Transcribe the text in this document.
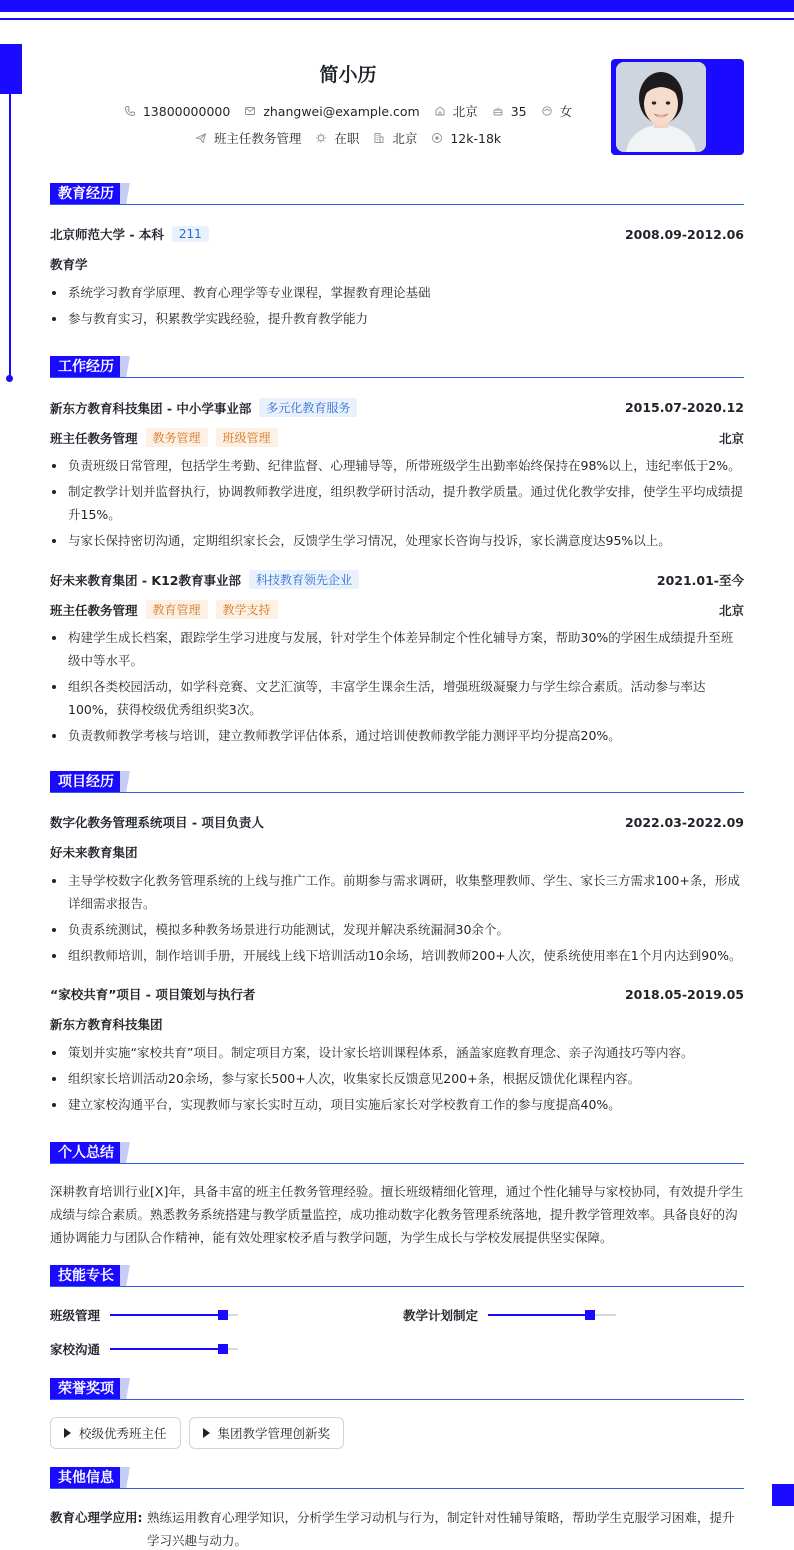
简小历
13800000000	zhangwei@example.com	北京	35	女
班主任教务管理	在职	北京	12k-18k
教育经历
北京师范大学 - 本科	211	2008.09-2012.06
教育学
系统学习教育学原理、教育心理学等专业课程，掌握教育理论基础
参与教育实习，积累教学实践经验，提升教育教学能力
工作经历
新东方教育科技集团 - 中小学事业部	多元化教育服务	2015.07-2020.12
班主任教务管理	教务管理	班级管理	北京
负责班级日常管理，包括学生考勤、纪律监督、心理辅导等，所带班级学生出勤率始终保持在98%以上，违纪率低于2%。
制定教学计划并监督执行，协调教师教学进度，组织教学研讨活动，提升教学质量。通过优化教学安排，使学生平均成绩提升15%。
与家长保持密切沟通，定期组织家长会，反馈学生学习情况，处理家长咨询与投诉，家长满意度达95%以上。
好未来教育集团 - K12教育事业部	科技教育领先企业	2021.01-至今
班主任教务管理	教育管理	教学支持	北京
构建学生成长档案，跟踪学生学习进度与发展，针对学生个体差异制定个性化辅导方案，帮助30%的学困生成绩提升至班级中等水平。
组织各类校园活动，如学科竞赛、文艺汇演等，丰富学生课余生活，增强班级凝聚力与学生综合素质。活动参与率达100%，获得校级优秀组织奖3次。
负责教师教学考核与培训，建立教师教学评估体系，通过培训使教师教学能力测评平均分提高20%。
项目经历
数字化教务管理系统项目 - 项目负责人	2022.03-2022.09
好未来教育集团
主导学校数字化教务管理系统的上线与推广工作。前期参与需求调研，收集整理教师、学生、家长三方需求100+条，形成详细需求报告。
负责系统测试，模拟多种教务场景进行功能测试，发现并解决系统漏洞30余个。
组织教师培训，制作培训手册，开展线上线下培训活动10余场，培训教师200+人次，使系统使用率在1个月内达到90%。
“家校共育”项目 - 项目策划与执行者	2018.05-2019.05
新东方教育科技集团
策划并实施“家校共育”项目。制定项目方案，设计家长培训课程体系，涵盖家庭教育理念、亲子沟通技巧等内容。
组织家长培训活动20余场，参与家长500+人次，收集家长反馈意见200+条，根据反馈优化课程内容。
建立家校沟通平台，实现教师与家长实时互动，项目实施后家长对学校教育工作的参与度提高40%。
个人总结
深耕教育培训行业[X]年，具备丰富的班主任教务管理经验。擅长班级精细化管理，通过个性化辅导与家校协同，有效提升学生成绩与综合素质。熟悉教务系统搭建与教学质量监控，成功推动数字化教务管理系统落地，提升教学管理效率。具备良好的沟通协调能力与团队合作精神，能有效处理家校矛盾与教学问题，为学生成长与学校发展提供坚实保障。
技能专长
班级管理	教学计划制定
家校沟通
荣誉奖项
校级优秀班主任	集团教学管理创新奖
其他信息
教育心理学应用: 熟练运用教育心理学知识，分析学生学习动机与行为，制定针对性辅导策略，帮助学生克服学习困难，提升学习兴趣与动力。
